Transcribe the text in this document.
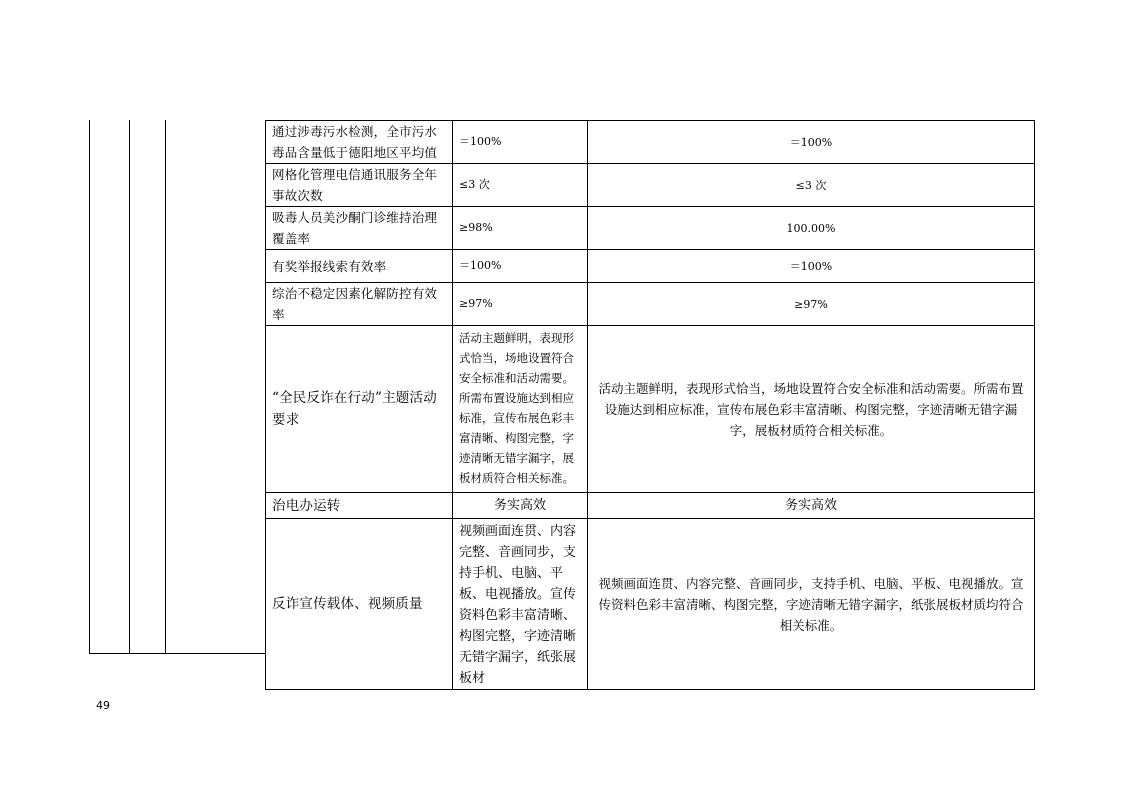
通过涉毒污水检测，全市污水毒品含量低于德阳地区平均值	＝100%	＝100%
网格化管理电信通讯服务全年事故次数	≤3 次	≤3 次
吸毒人员美沙酮门诊维持治理覆盖率	≥98%	100.00%
有奖举报线索有效率	＝100%	＝100%
综治不稳定因素化解防控有效率	≥97%	≥97%
“全民反诈在行动”主题活动要求	活动主题鲜明，表现形式恰当，场地设置符合安全标准和活动需要。所需布置设施达到相应标准，宣传布展色彩丰富清晰、构图完整，字迹清晰无错字漏字，展板材质符合相关标准。	活动主题鲜明，表现形式恰当，场地设置符合安全标准和活动需要。所需布置设施达到相应标准，宣传布展色彩丰富清晰、构图完整，字迹清晰无错字漏字，展板材质符合相关标准。
治电办运转	务实高效	务实高效
反诈宣传载体、视频质量	视频画面连贯、内容完整、音画同步，支持手机、电脑、平板、电视播放。宣传资料色彩丰富清晰、构图完整，字迹清晰无错字漏字，纸张展板材	视频画面连贯、内容完整、音画同步，支持手机、电脑、平板、电视播放。宣传资料色彩丰富清晰、构图完整，字迹清晰无错字漏字，纸张展板材质均符合相关标准。
49
